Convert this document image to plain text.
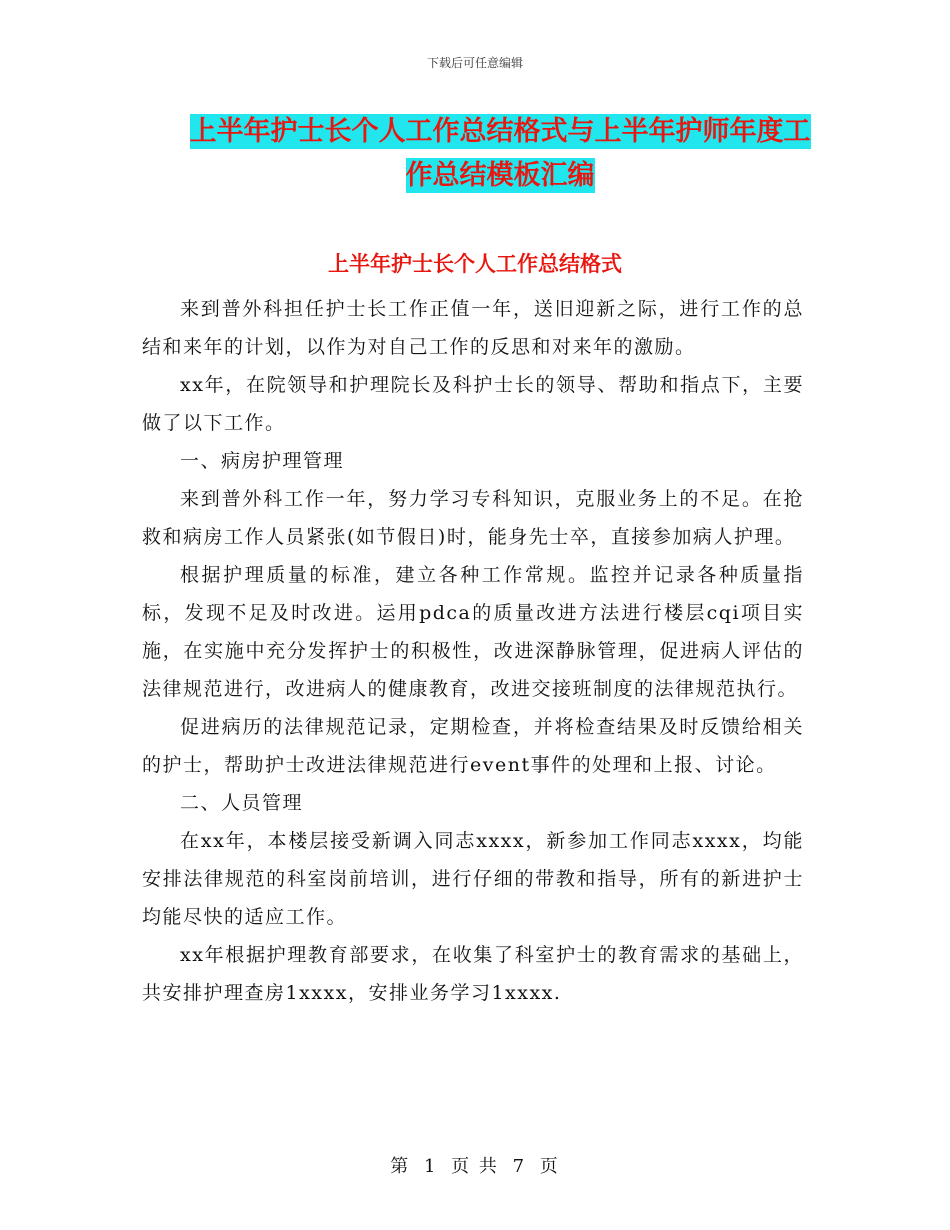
下载后可任意编辑
上半年护士长个人工作总结格式与上半年护师年度工
作总结模板汇编
上半年护士长个人工作总结格式

来到普外科担任护士长工作正值一年，送旧迎新之际，进行工作的总结和来年的计划，以作为对自己工作的反思和对来年的激励。

xx年，在院领导和护理院长及科护士长的领导、帮助和指点下，主要做了以下工作。

一、病房护理管理

来到普外科工作一年，努力学习专科知识，克服业务上的不足。在抢救和病房工作人员紧张(如节假日)时，能身先士卒，直接参加病人护理。

根据护理质量的标准，建立各种工作常规。监控并记录各种质量指标，发现不足及时改进。运用pdca的质量改进方法进行楼层cqi项目实施，在实施中充分发挥护士的积极性，改进深静脉管理，促进病人评估的法律规范进行，改进病人的健康教育，改进交接班制度的法律规范执行。

促进病历的法律规范记录，定期检查，并将检查结果及时反馈给相关的护士，帮助护士改进法律规范进行event事件的处理和上报、讨论。

二、人员管理

在xx年，本楼层接受新调入同志xxxx，新参加工作同志xxxx，均能安排法律规范的科室岗前培训，进行仔细的带教和指导，所有的新进护士均能尽快的适应工作。

xx年根据护理教育部要求，在收集了科室护士的教育需求的基础上，共安排护理查房1xxxx，安排业务学习1xxxx.

第 1 页 共 7 页
